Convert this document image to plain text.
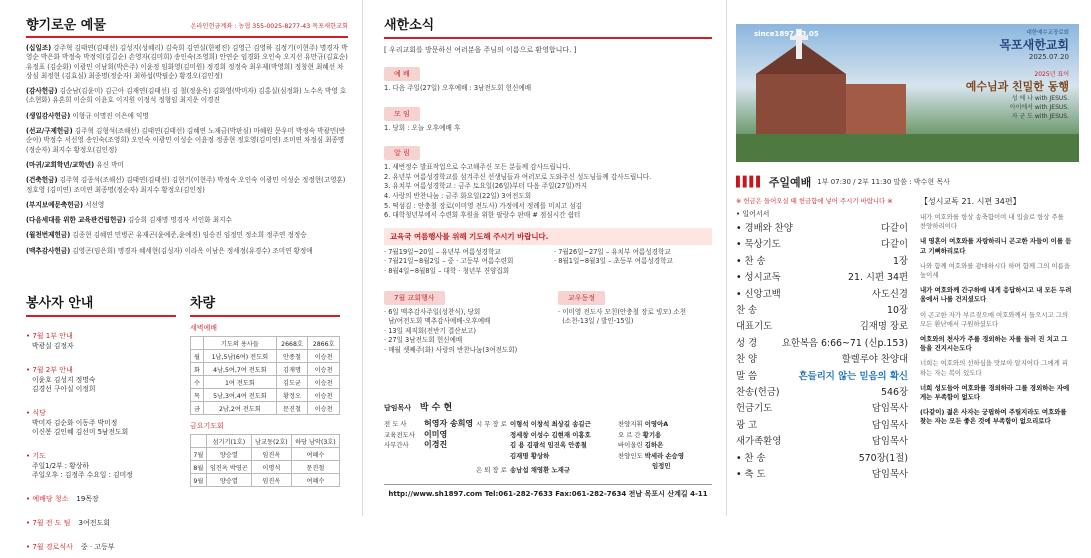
향기로운 예물	온라인헌금계좌 : 농협 355-0025-8277-43 목포새한교회
(십일조) 강주혁 김태연(김태선) 김성지(성혜리) 김숙희 김연실(한평진) 김영근 김영하 김정기(이현주) 명경자 박영순 박은화 박정숙 박정익(김길순) 손영자(김미희) 송인숙(조영희) 안연순 임경화 오인숙 오지선 유만규(김효순) 유정표 (김순화) 이광민 이남희(박은주) 이윤정 임화영(김미원) 정경희 정정숙 최우제(박영희) 정창현 최혜선 차상심 최정현 (김효심) 최종명(정순자) 최하섭(박필순) 황경오(김인정)
(감사헌금) 김순남(김윤미) 김근아 김재연(김태선) 김 철(정윤옥) 김화영(박미자) 김홍실(심정화) 노수옥 박영 호(소현화) 유혼희 이순희 이윤호 이지원 이정석 정형임 최지운 이경진
(생일감사헌금) 이형규 이명진 이은애 익명
(선교/구제헌금) 김주혁 김형석(조해선) 김태연(김태선) 김혜연 노재금(박판심) 마혜원 문우미 박정숙 박광민(반순아) 박정수 서선영 송인숙(조영희) 오인숙 이광민 이성순 이윤정 정종현 정호영(김미연) 조미연 차정심 최종명(정순자) 최지수 황정오(김인정)
(마귀/교회학년/교학년) 유신 박미
(건축헌금) 김주혁 김종석(조해선) 김태연(김태선) 김현기(이현주) 박정숙 오인숙 이광민 이성순 정정현(고영훈) 정호영 (김미연) 조미연 최종명(정순자) 최지수 황정오(김인정)
(부지보예문축헌금) 서선영
(다음세대를 위한 교육관건립헌금) 김승희 김재명 명경자 서인화 최지수
(월천번제헌금) 김종현 김혜연 민병곤 유재곤(윤예준,윤예진) 임승진 임정민 정소희 정주연 정정승
(맥추감사헌금) 김영곤(임은희) 명경자 혜세현(김성자) 이라옥 이남은 정세정(유경수) 조미연 황정애
봉사자 안내
• 7월 1부 안내
박광실 김정자
• 7월 2부 안내
이윤호 김성지 정명숙
김경선 구아실 이정희
• 식당
박미자 김순화 이동주 박미정
이신봉 김인혜 김선미 5남전도회
• 기도
주일1/2부 : 황상하
주일오후 : 김정주 수요일 : 김미정
• 예배당 청소 19목장
• 7월 전 도 팀 3여전도회
• 7월 경로식사 중 · 고등부
차량
세벽예배
	기도의 용사들	2668호	2866호
월	1남,5남(6여) 전도회	안종철	이승천
화	4남,5여,7여 전도회	김재명	이승천
수	1여 전도회	김도균	이승천
목	5남,3여,4여 전도회	황정오	이승천
금	2남,2여 전도회	문진철	이승천
금요기도회
	섬기기(1호)	남교동(2호)	하당 남악(3호)
7월	양승열	임진옥	여혜수
8월	임진옥 박영곤	이명석	문진철
9월	양승열	임진옥	여혜수
새한소식
[ 우리교회를 방문하신 여러분을 주님의 이름으로 환영합니다. ]
예 배
1. 다음 주일(27일) 오후예배 : 3남전도회 헌신예배
모 임
1. 당회 : 오늘 오후예배 후
알 림
1. 새번정수 발표작업으로 수고해주신 모든 분들께 감사드립니다.
2. 유년부 여름성경학교를 섬겨주신 선생님들과 여러모로 도와주신 성도님들께 감사드립니다.
3. 유치부 여름성경학교 : 금주 토요일(26일)부터 다음 주일(27일)까지
4. 사랑의 반찬나눔 : 금주 화요일(22일) 3여전도회
5. 떡섬김 : 안충철 장로(이미영 전도사) 가정에서 정례를 미치고 섬김
6. 대학청년부에서 수련회 후원을 위한 팔랑수 판매 # 점심시간 쉼터
교육국 여름행사를 위해 기도해 주시기 바랍니다.
· 7월19일~20일 – 유년부 여름성경학교
· 7월21일~8월2일 – 중 · 고등부 여름수련회
· 8월4일~8월8일 – 대학 · 청년부 진양집회
· 7월26일~27일 – 유치부 여름성경학교
· 8월1일~8월3일 – 초등부 여름성경학교
7월 교회행사
· 6일 맥추감사주일(성찬식), 당회
남/여전도회 맥추감사예배-오후예배
· 13일 제직회(전반기 결산보고)
· 27일 3남전도회 헌신예배
· 매월 셋째주(화) 사랑의 반찬나눔(3여전도회)
교우동정
· 이미영 전도사 모친(안충철 장로 빙모) 소천
(소천-13일 / 발인-15일)
담임목사 박 수 현
전 도 사 허영자 송희영
교육전도사 이미영
사무간사 이경진
시 무 장 로 이형석 이창석 최상길 송길근
정세창 이성수 김현재 이홍호
김 용 김광석 임진옥 안종철
김재명 황상하
은 퇴 장 로 송남섭 채영환 노재규
찬양지휘 이영아A
오 르 간 황기용
바이올린 김하은
찬양인도 박세라 손승영
임정민
http://www.sh1897.com Tel:061-282-7633 Fax:061-282-7634 전남 목포시 산계길 4-11
since1897.03.05	대한예수교장로회
목포새한교회
2025.07.20
2025년 표어
예수님과 친밀한 동행
성 에 나 with JESUS.
아이에서 with JESUS.
자 군 도 with JESUS.
▌▌▌▌ 주일예배 1부 07:30 / 2부 11:30 말씀 : 박수현 목사
※ 헌금은 들어오실 때 헌금함에 넣어 주시기 바랍니다 ※
• 일어서서
• 경배와 찬양	다같이
• 묵상기도	다같이
• 찬 송	1장
• 성시교독	21. 시편 34편
• 신앙고백	사도신경
찬 송	10장
대표기도	김재명 장로
성 경	요한복음 6:66~71 (신p.153)
찬 양	할렐루야 찬양대
말 씀	흔들리지 않는 믿음의 확신
찬송(헌금)	546장
헌금기도	담임목사
광 고	담임목사
새가족환영	담임목사
• 찬 송	570장(1절)
• 축 도	담임목사
【성시교독 21. 시편 34편】
내가 여호와를 항상 송축함이여 내 입술로 항상 주를 찬양하리이다
내 영혼이 여호와를 자랑하리니 곤고한 자들이 이를 듣고 기뻐하리로다
나와 함께 여호와를 광대하시다 하며 함께 그의 이름을 높이세
내가 여호와께 간구하매 내게 응답하시고 내 모든 두려움에서 나를 건지셨도다
이 곤고한 자가 부르짖으매 여호와께서 들으시고 그의 모든 환난에서 구원하셨도다
여호와의 천사가 주를 경외하는 자를 둘러 진 치고 그들을 건지시는도다
너희는 여호와의 선하심을 맛보아 알지어다 그에게 피하는 자는 복이 있도다
너희 성도들아 여호와를 경외하라 그를 경외하는 자에게는 부족함이 없도다
(다같이) 젊은 사자는 궁핍하여 주릴지라도 여호와를 찾는 자는 모든 좋은 것에 부족함이 없으리로다
